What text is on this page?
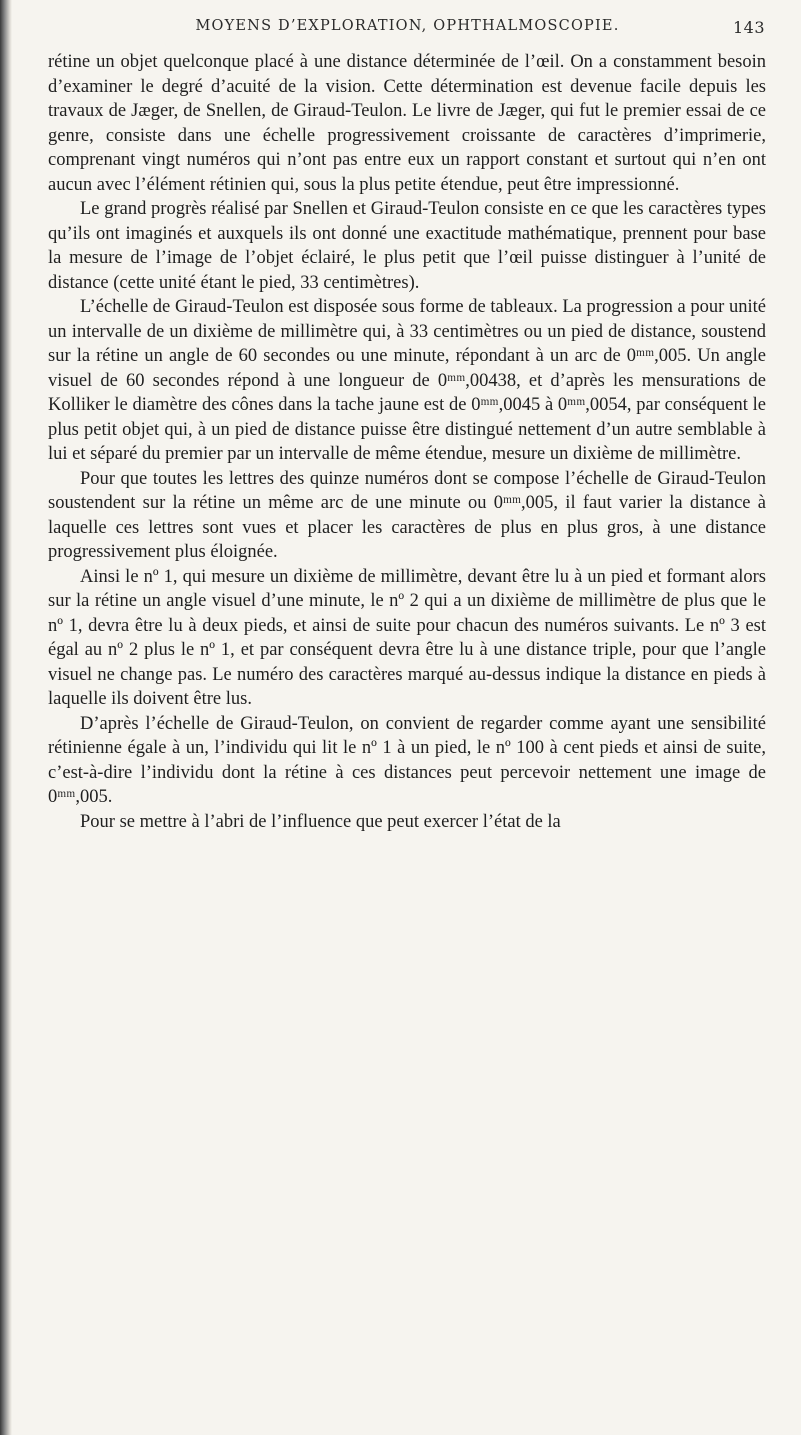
MOYENS D’EXPLORATION, OPHTHALMOSCOPIE.	143

rétine un objet quelconque placé à une distance déterminée de l’œil. On a constamment besoin d’examiner le degré d’acuité de la vision. Cette détermination est devenue facile depuis les travaux de Jæger, de Snellen, de Giraud-Teulon. Le livre de Jæger, qui fut le premier essai de ce genre, consiste dans une échelle progressivement croissante de caractères d’imprimerie, comprenant vingt numéros qui n’ont pas entre eux un rapport constant et surtout qui n’en ont aucun avec l’élément rétinien qui, sous la plus petite étendue, peut être impressionné.

Le grand progrès réalisé par Snellen et Giraud-Teulon consiste en ce que les caractères types qu’ils ont imaginés et auxquels ils ont donné une exactitude mathématique, prennent pour base la mesure de l’image de l’objet éclairé, le plus petit que l’œil puisse distinguer à l’unité de distance (cette unité étant le pied, 33 centimètres).

L’échelle de Giraud-Teulon est disposée sous forme de tableaux. La progression a pour unité un intervalle de un dixième de millimètre qui, à 33 centimètres ou un pied de distance, soustend sur la rétine un angle de 60 secondes ou une minute, répondant à un arc de 0ᵐᵐ,005. Un angle visuel de 60 secondes répond à une longueur de 0ᵐᵐ,00438, et d’après les mensurations de Kolliker le diamètre des cônes dans la tache jaune est de 0ᵐᵐ,0045 à 0ᵐᵐ,0054, par conséquent le plus petit objet qui, à un pied de distance puisse être distingué nettement d’un autre semblable à lui et séparé du premier par un intervalle de même étendue, mesure un dixième de millimètre.

Pour que toutes les lettres des quinze numéros dont se compose l’échelle de Giraud-Teulon soustendent sur la rétine un même arc de une minute ou 0ᵐᵐ,005, il faut varier la distance à laquelle ces lettres sont vues et placer les caractères de plus en plus gros, à une distance progressivement plus éloignée.

Ainsi le nº 1, qui mesure un dixième de millimètre, devant être lu à un pied et formant alors sur la rétine un angle visuel d’une minute, le nº 2 qui a un dixième de millimètre de plus que le nº 1, devra être lu à deux pieds, et ainsi de suite pour chacun des numéros suivants. Le nº 3 est égal au nº 2 plus le nº 1, et par conséquent devra être lu à une distance triple, pour que l’angle visuel ne change pas. Le numéro des caractères marqué au-dessus indique la distance en pieds à laquelle ils doivent être lus.

D’après l’échelle de Giraud-Teulon, on convient de regarder comme ayant une sensibilité rétinienne égale à un, l’individu qui lit le nº 1 à un pied, le nº 100 à cent pieds et ainsi de suite, c’est-à-dire l’individu dont la rétine à ces distances peut percevoir nettement une image de 0ᵐᵐ,005.

Pour se mettre à l’abri de l’influence que peut exercer l’état de la
